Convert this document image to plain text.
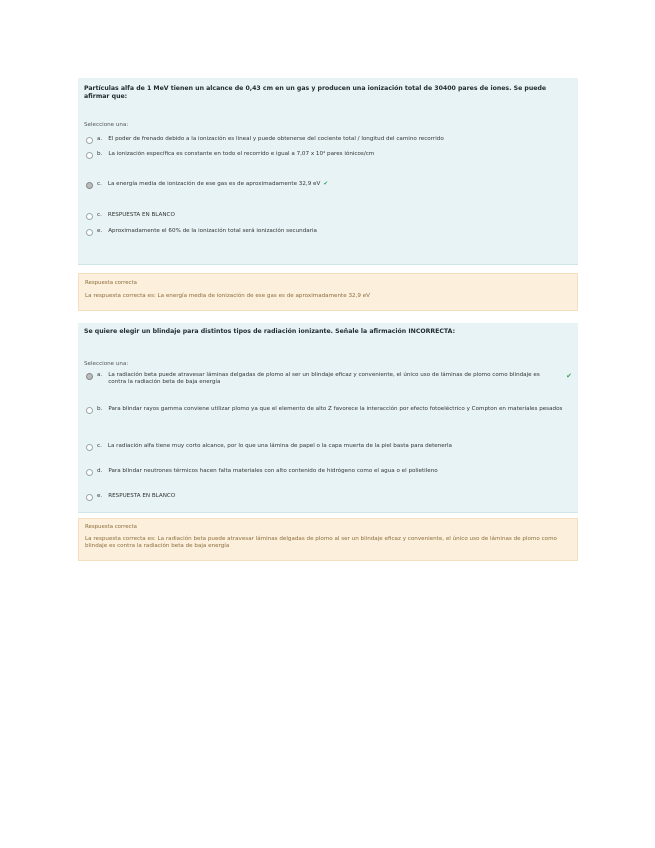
Partículas alfa de 1 MeV tienen un alcance de 0,43 cm en un gas y producen una ionización total de 30400 pares de iones. Se puede afirmar que:
Seleccione una:
a. El poder de frenado debido a la ionización es lineal y puede obtenerse del cociente total / longitud del camino recorrido
b. La ionización específica es constante en todo el recorrido e igual a 7,07 x 10⁴ pares iónicos/cm
c. La energía media de ionización de ese gas es de aproximadamente 32,9 eV ✔
c. RESPUESTA EN BLANCO
e. Aproximadamente el 60% de la ionización total será ionización secundaria
Respuesta correcta
La respuesta correcta es: La energía media de ionización de ese gas es de aproximadamente 32,9 eV
Se quiere elegir un blindaje para distintos tipos de radiación ionizante. Señale la afirmación INCORRECTA:
Seleccione una:
a. La radiación beta puede atravesar láminas delgadas de plomo al ser un blindaje eficaz y conveniente, el único uso de láminas de plomo como blindaje es contra la radiación beta de baja energía
✔
b. Para blindar rayos gamma conviene utilizar plomo ya que el elemento de alto Z favorece la interacción por efecto fotoeléctrico y Compton en materiales pesados
c. La radiación alfa tiene muy corto alcance, por lo que una lámina de papel o la capa muerta de la piel basta para detenerla
d. Para blindar neutrones térmicos hacen falta materiales con alto contenido de hidrógeno como el agua o el polietileno
e. RESPUESTA EN BLANCO
Respuesta correcta
La respuesta correcta es: La radiación beta puede atravesar láminas delgadas de plomo al ser un blindaje eficaz y conveniente, el único uso de láminas de plomo como blindaje es contra la radiación beta de baja energía
